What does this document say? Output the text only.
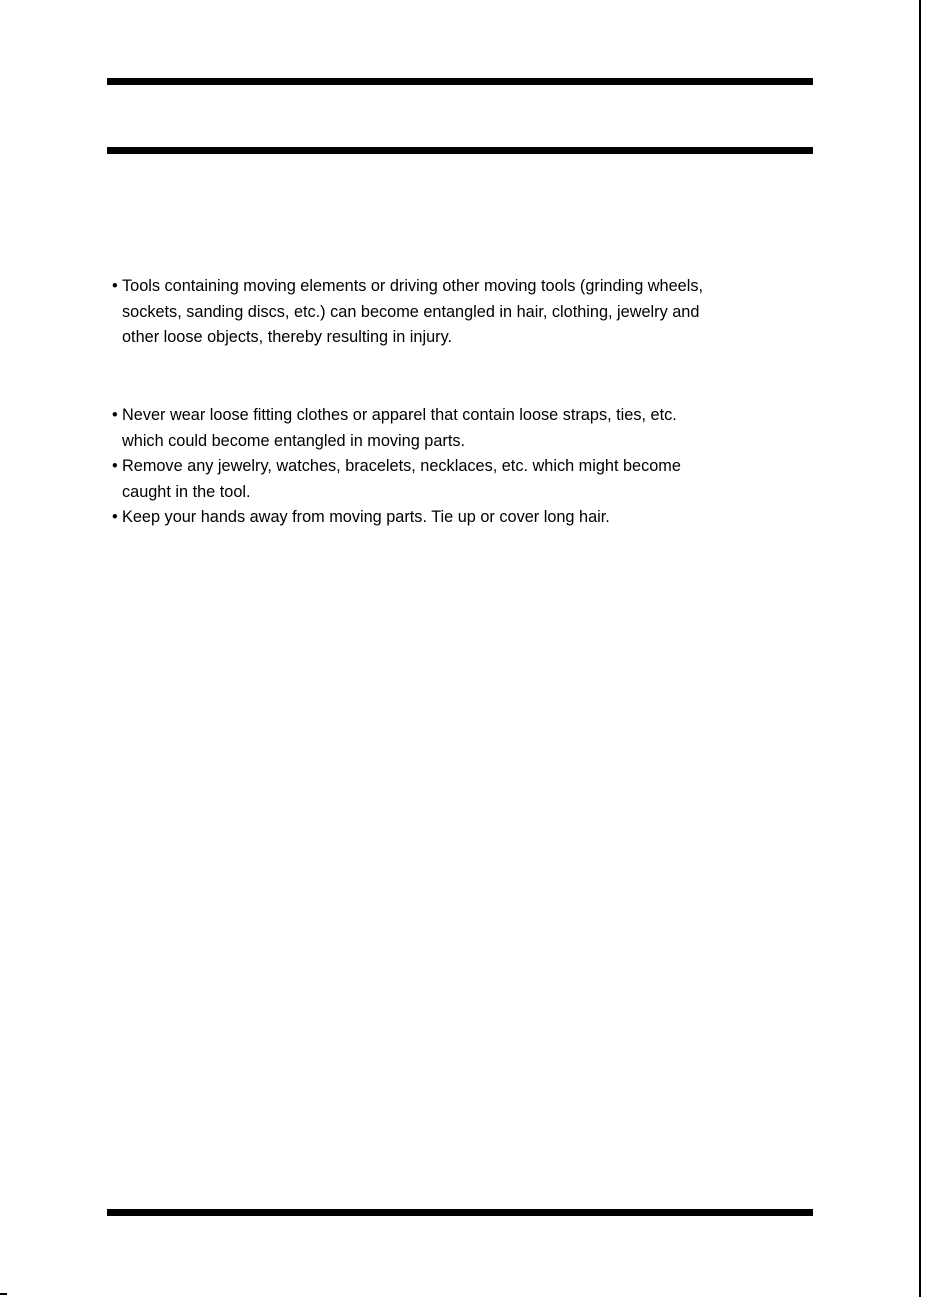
• Tools containing moving elements or driving other moving tools (grinding wheels,
sockets, sanding discs, etc.) can become entangled in hair, clothing, jewelry and
other loose objects, thereby resulting in injury.
• Never wear loose fitting clothes or apparel that contain loose straps, ties, etc.
which could become entangled in moving parts.
• Remove any jewelry, watches, bracelets, necklaces, etc. which might become
caught in the tool.
• Keep your hands away from moving parts. Tie up or cover long hair.
